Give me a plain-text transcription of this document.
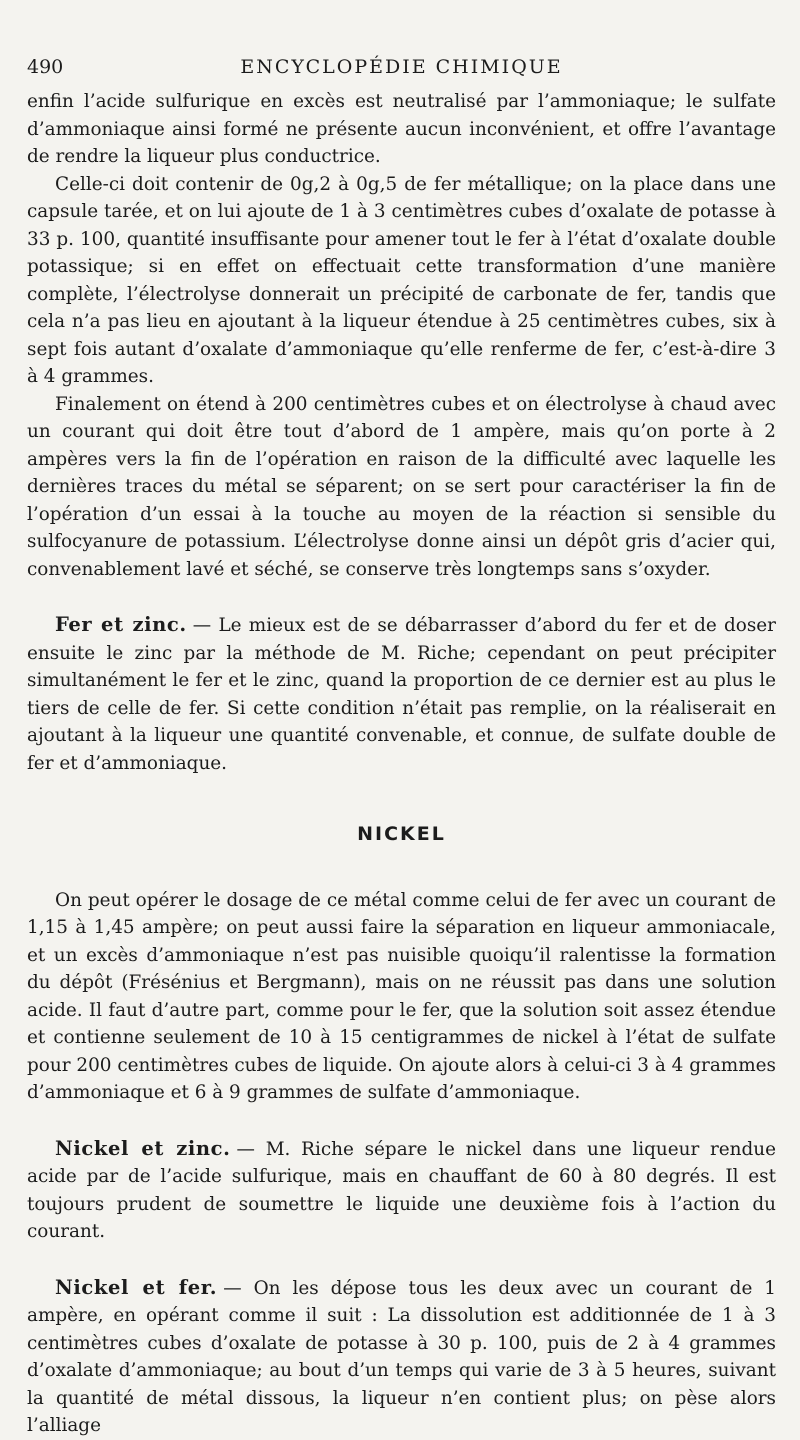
490	ENCYCLOPÉDIE CHIMIQUE

enfin l’acide sulfurique en excès est neutralisé par l’ammoniaque; le sulfate d’ammoniaque ainsi formé ne présente aucun inconvénient, et offre l’avantage de rendre la liqueur plus conductrice.

Celle-ci doit contenir de 0g,2 à 0g,5 de fer métallique; on la place dans une capsule tarée, et on lui ajoute de 1 à 3 centimètres cubes d’oxalate de potasse à 33 p. 100, quantité insuffisante pour amener tout le fer à l’état d’oxalate double potassique; si en effet on effectuait cette transformation d’une manière complète, l’électrolyse donnerait un précipité de carbonate de fer, tandis que cela n’a pas lieu en ajoutant à la liqueur étendue à 25 centimètres cubes, six à sept fois autant d’oxalate d’ammoniaque qu’elle renferme de fer, c’est-à-dire 3 à 4 grammes.

Finalement on étend à 200 centimètres cubes et on électrolyse à chaud avec un courant qui doit être tout d’abord de 1 ampère, mais qu’on porte à 2 ampères vers la fin de l’opération en raison de la difficulté avec laquelle les dernières traces du métal se séparent; on se sert pour caractériser la fin de l’opération d’un essai à la touche au moyen de la réaction si sensible du sulfocyanure de potassium. L’électrolyse donne ainsi un dépôt gris d’acier qui, convenablement lavé et séché, se conserve très longtemps sans s’oxyder.

Fer et zinc. — Le mieux est de se débarrasser d’abord du fer et de doser ensuite le zinc par la méthode de M. Riche; cependant on peut précipiter simultanément le fer et le zinc, quand la proportion de ce dernier est au plus le tiers de celle de fer. Si cette condition n’était pas remplie, on la réaliserait en ajoutant à la liqueur une quantité convenable, et connue, de sulfate double de fer et d’ammoniaque.

NICKEL

On peut opérer le dosage de ce métal comme celui de fer avec un courant de 1,15 à 1,45 ampère; on peut aussi faire la séparation en liqueur ammoniacale, et un excès d’ammoniaque n’est pas nuisible quoiqu’il ralentisse la formation du dépôt (Frésénius et Bergmann), mais on ne réussit pas dans une solution acide. Il faut d’autre part, comme pour le fer, que la solution soit assez étendue et contienne seulement de 10 à 15 centigrammes de nickel à l’état de sulfate pour 200 centimètres cubes de liquide. On ajoute alors à celui-ci 3 à 4 grammes d’ammoniaque et 6 à 9 grammes de sulfate d’ammoniaque.

Nickel et zinc. — M. Riche sépare le nickel dans une liqueur rendue acide par de l’acide sulfurique, mais en chauffant de 60 à 80 degrés. Il est toujours prudent de soumettre le liquide une deuxième fois à l’action du courant.

Nickel et fer. — On les dépose tous les deux avec un courant de 1 ampère, en opérant comme il suit : La dissolution est additionnée de 1 à 3 centimètres cubes d’oxalate de potasse à 30 p. 100, puis de 2 à 4 grammes d’oxalate d’ammoniaque; au bout d’un temps qui varie de 3 à 5 heures, suivant la quantité de métal dissous, la liqueur n’en contient plus; on pèse alors l’alliage
